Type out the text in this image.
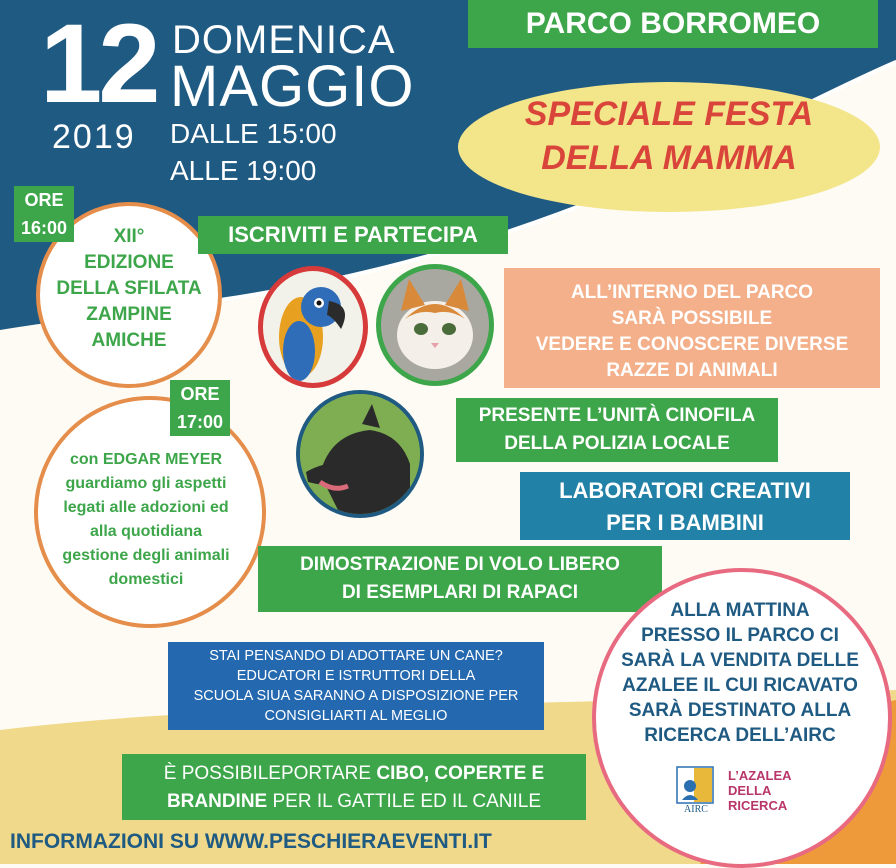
12 DOMENICA
MAGGIO
2019 DALLE 15:00
ALLE 19:00
PARCO BORROMEO
SPECIALE FESTA
DELLA MAMMA
XII°
EDIZIONE
DELLA SFILATA
ZAMPINE
AMICHE
ORE
16:00	ISCRIVITI E PARTECIPA
ALL’INTERNO DEL PARCO
SARÀ POSSIBILE
VEDERE E CONOSCERE DIVERSE
RAZZE DI ANIMALI
PRESENTE L’UNITÀ CINOFILA
DELLA POLIZIA LOCALE
LABORATORI CREATIVI
PER I BAMBINI
con EDGAR MEYER
guardiamo gli aspetti
legati alle adozioni ed
alla quotidiana
gestione degli animali
domestici
ORE
17:00
DIMOSTRAZIONE DI VOLO LIBERO
DI ESEMPLARI DI RAPACI
STAI PENSANDO DI ADOTTARE UN CANE?
EDUCATORI E ISTRUTTORI DELLA
SCUOLA SIUA SARANNO A DISPOSIZIONE PER
CONSIGLIARTI AL MEGLIO
È POSSIBILEPORTARE CIBO, COPERTE E
BRANDINE PER IL GATTILE ED IL CANILE
ALLA MATTINA
PRESSO IL PARCO CI
SARÀ LA VENDITA DELLE
AZALEE IL CUI RICAVATO
SARÀ DESTINATO ALLA
RICERCA DELL’AIRC
AIRC
L’AZALEA
DELLA
RICERCA
INFORMAZIONI SU WWW.PESCHIERAEVENTI.IT
